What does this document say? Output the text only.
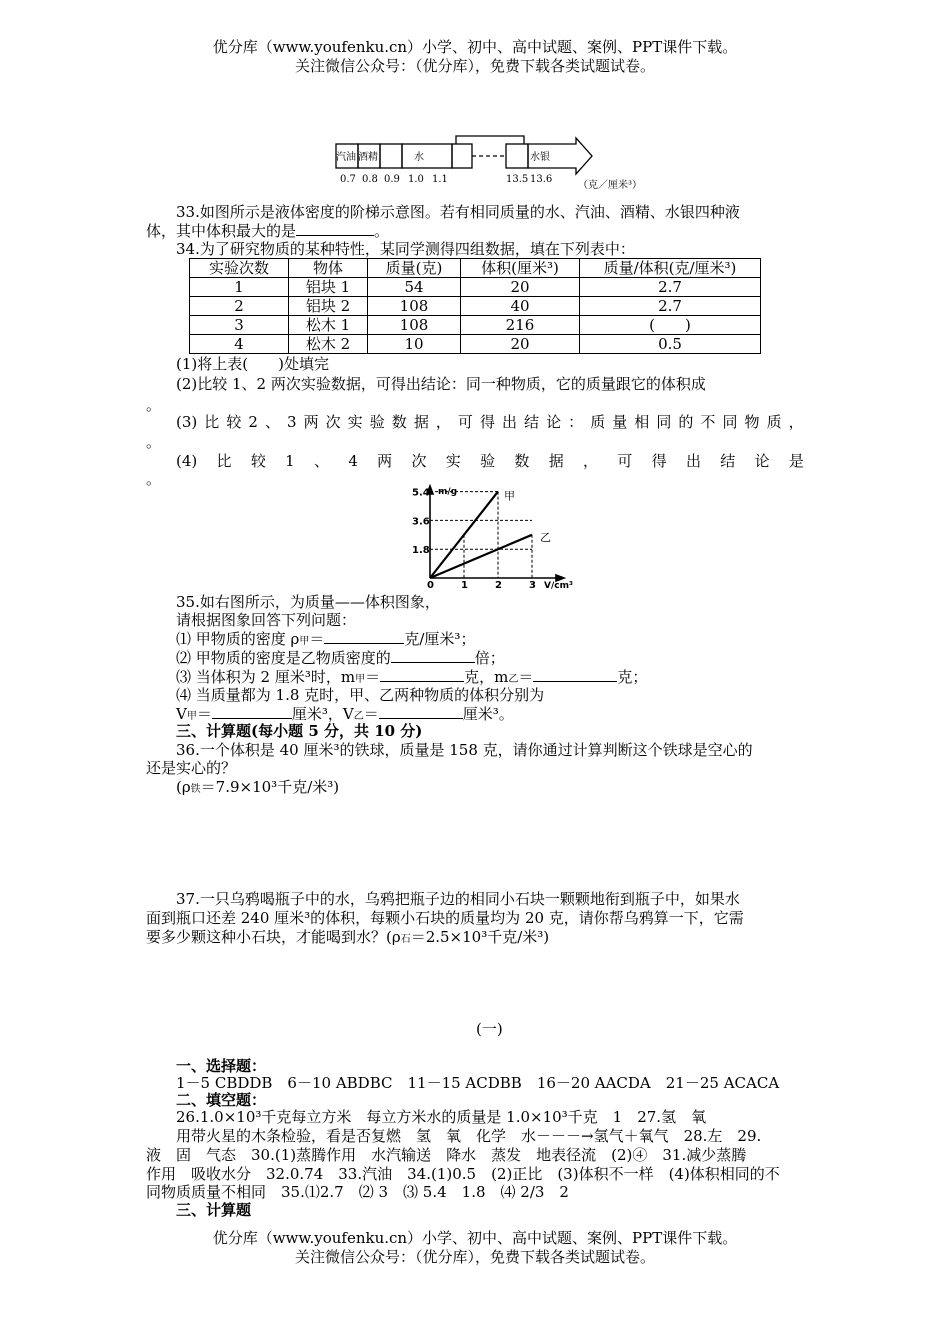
优分库（www.youfenku.cn）小学、初中、高中试题、案例、PPT课件下载。
关注微信公众号：（优分库），免费下载各类试题试卷。
汽油 酒精	水	水银
0.7 0.8 0.9 1.0 1.1	13.5 13.6
（克／厘米³）
33.如图所示是液体密度的阶梯示意图。若有相同质量的水、汽油、酒精、水银四种液
体，其中体积最大的是	。
34.为了研究物质的某种特性，某同学测得四组数据，填在下列表中：
实验次数	物体	质量(克)	体积(厘米³)	质量/体积(克/厘米³)
1	铝块 1	54	20	2.7
2	铝块 2	108	40	2.7
3	松木 1	108	216	(　　)
4	松木 2	10	20	0.5
(1)将上表(　　)处填完
(2)比较 1、2 两次实验数据，可得出结论：同一种物质，它的质量跟它的体积成
。
(3) 比 较 2 、 3 两 次 实 验 数 据 ， 可 得 出 结 论 ： 质 量 相 同 的 不 同 物 质 ，
。
(4) 比 较 1 、 4 两 次 实 验 数 据 ， 可 得 出 结 论 是
。
m/g
V/cm³
5.4
3.6
1.8
0	1	2	3
甲
乙
35.如右图所示，为质量——体积图象，
请根据图象回答下列问题：
⑴ 甲物质的密度 ρ甲＝	克/厘米³；
⑵ 甲物质的密度是乙物质密度的	倍；
⑶ 当体积为 2 厘米³时，m甲＝	克，m乙＝	克；
⑷ 当质量都为 1.8 克时，甲、乙两种物质的体积分别为
V甲＝	厘米³，V乙＝	厘米³。
三、计算题(每小题 5 分，共 10 分)
36.一个体积是 40 厘米³的铁球，质量是 158 克，请你通过计算判断这个铁球是空心的
还是实心的？
(ρ铁＝7.9×10³千克/米³)
37.一只乌鸦喝瓶子中的水，乌鸦把瓶子边的相同小石块一颗颗地衔到瓶子中，如果水
面到瓶口还差 240 厘米³的体积，每颗小石块的质量均为 20 克，请你帮乌鸦算一下，它需
要多少颗这种小石块，才能喝到水？(ρ石＝2.5×10³千克/米³)
(一)
一、选择题：
1－5 CBDDB　6－10 ABDBC　11－15 ACDBB　16－20 AACDA　21－25 ACACA
二、填空题：
26.1.0×10³千克每立方米　每立方米水的质量是 1.0×10³千克　1　27.氢　氧
用带火星的木条检验，看是否复燃　氢　氧　化学　水－－－→氢气＋氧气　28.左　29.
液　固　气态　30.(1)蒸腾作用　水汽输送　降水　蒸发　地表径流　(2)④　31.减少蒸腾
作用　吸收水分　32.0.74　33.汽油　34.(1)0.5　(2)正比　(3)体积不一样　(4)体积相同的不
同物质质量不相同　35.⑴2.7　⑵ 3　⑶ 5.4　1.8　⑷ 2/3　2
三、计算题
优分库（www.youfenku.cn）小学、初中、高中试题、案例、PPT课件下载。
关注微信公众号：（优分库），免费下载各类试题试卷。
